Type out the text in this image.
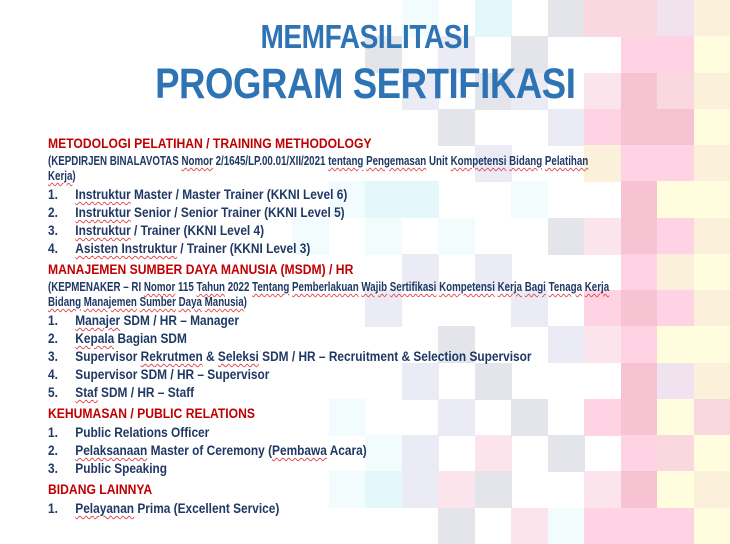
MEMFASILITASI
PROGRAM SERTIFIKASI
METODOLOGI PELATIHAN / TRAINING METHODOLOGY
(KEPDIRJEN BINALAVOTAS Nomor 2/1645/LP.00.01/XII/2021 tentang Pengemasan Unit Kompetensi Bidang Pelatihan
Kerja)
1. Instruktur Master / Master Trainer (KKNI Level 6)
2. Instruktur Senior / Senior Trainer (KKNI Level 5)
3. Instruktur / Trainer (KKNI Level 4)
4. Asisten Instruktur / Trainer (KKNI Level 3)
MANAJEMEN SUMBER DAYA MANUSIA (MSDM) / HR
(KEPMENAKER – RI Nomor 115 Tahun 2022 Tentang Pemberlakuan Wajib Sertifikasi Kompetensi Kerja Bagi Tenaga Kerja
Bidang Manajemen Sumber Daya Manusia)
1. Manajer SDM / HR – Manager
2. Kepala Bagian SDM
3. Supervisor Rekrutmen & Seleksi SDM / HR – Recruitment & Selection Supervisor
4. Supervisor SDM / HR – Supervisor
5. Staf SDM / HR – Staff
KEHUMASAN / PUBLIC RELATIONS
1. Public Relations Officer
2. Pelaksanaan Master of Ceremony (Pembawa Acara)
3. Public Speaking
BIDANG LAINNYA
1. Pelayanan Prima (Excellent Service)
